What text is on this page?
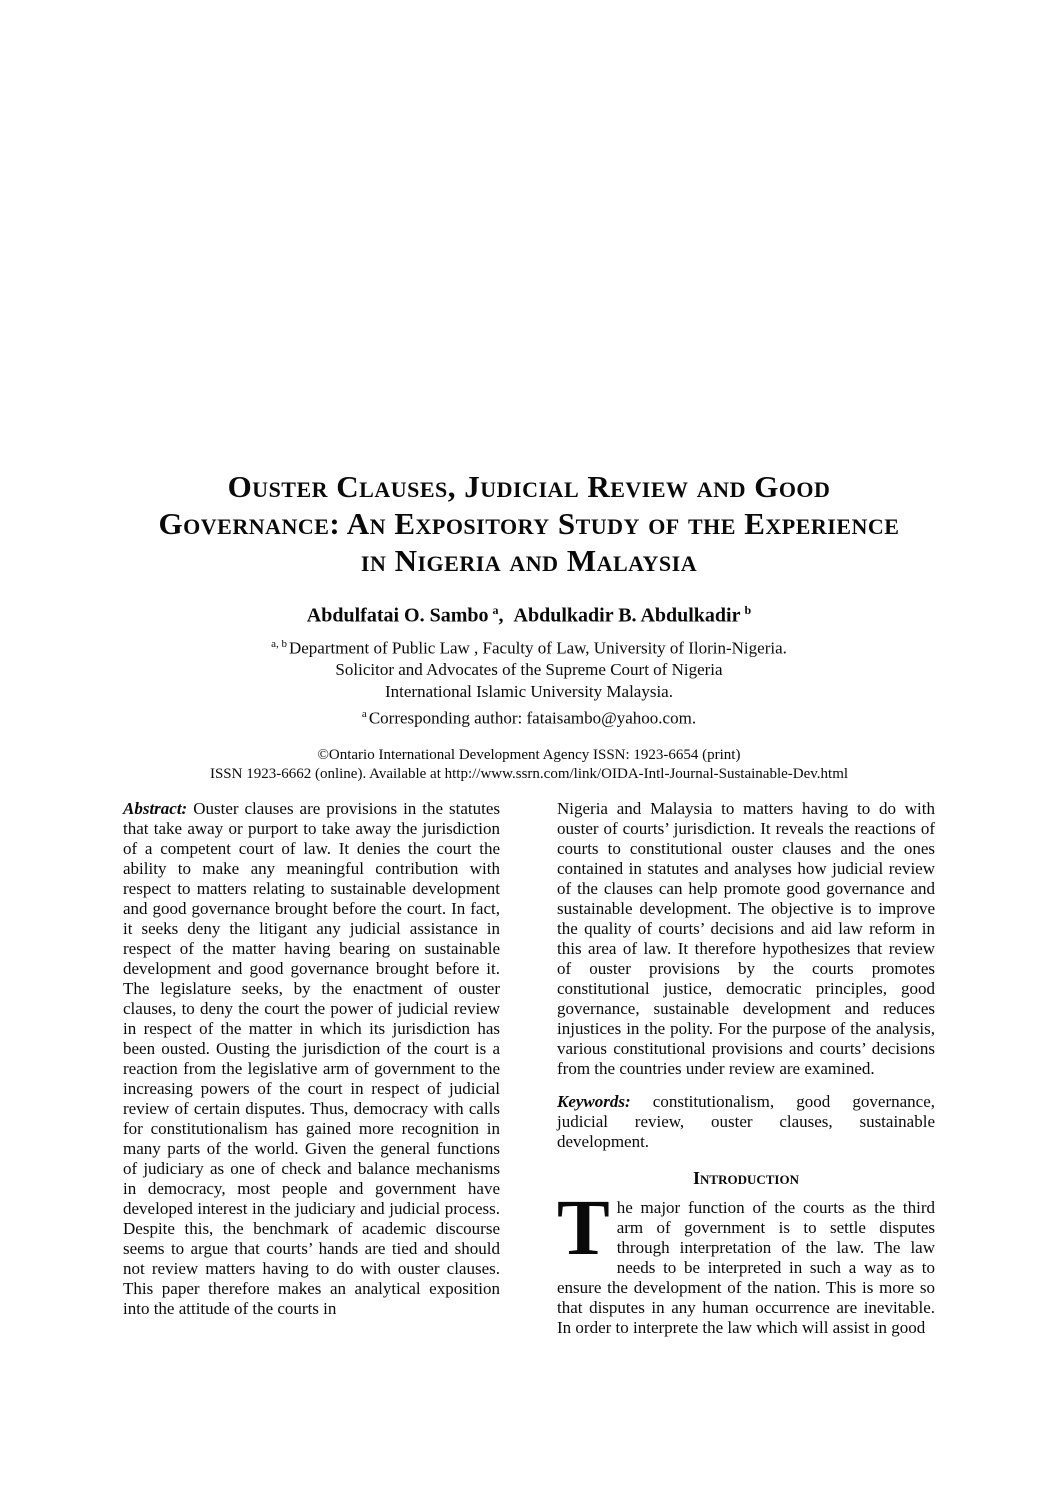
Ouster Clauses, Judicial Review and Good
Governance: An Expository Study of the Experience
in Nigeria and Malaysia
Abdulfatai O. Sambo $^a$, Abdulkadir B. Abdulkadir $^b$
$^{a, b}$ Department of Public Law , Faculty of Law, University of Ilorin-Nigeria.
Solicitor and Advocates of the Supreme Court of Nigeria
International Islamic University Malaysia.
$^a$ Corresponding author: fataisambo@yahoo.com.
©Ontario International Development Agency ISSN: 1923-6654 (print)
ISSN 1923-6662 (online). Available at http://www.ssrn.com/link/OIDA-Intl-Journal-Sustainable-Dev.html

Abstract: Ouster clauses are provisions in the statutes that take away or purport to take away the jurisdiction of a competent court of law. It denies the court the ability to make any meaningful contribution with respect to matters relating to sustainable development and good governance brought before the court. In fact, it seeks deny the litigant any judicial assistance in respect of the matter having bearing on sustainable development and good governance brought before it. The legislature seeks, by the enactment of ouster clauses, to deny the court the power of judicial review in respect of the matter in which its jurisdiction has been ousted. Ousting the jurisdiction of the court is a reaction from the legislative arm of government to the increasing powers of the court in respect of judicial review of certain disputes. Thus, democracy with calls for constitutionalism has gained more recognition in many parts of the world. Given the general functions of judiciary as one of check and balance mechanisms in democracy, most people and government have developed interest in the judiciary and judicial process. Despite this, the benchmark of academic discourse seems to argue that courts’ hands are tied and should not review matters having to do with ouster clauses. This paper therefore makes an analytical exposition into the attitude of the courts in

Nigeria and Malaysia to matters having to do with ouster of courts’ jurisdiction. It reveals the reactions of courts to constitutional ouster clauses and the ones contained in statutes and analyses how judicial review of the clauses can help promote good governance and sustainable development. The objective is to improve the quality of courts’ decisions and aid law reform in this area of law. It therefore hypothesizes that review of ouster provisions by the courts promotes constitutional justice, democratic principles, good governance, sustainable development and reduces injustices in the polity. For the purpose of the analysis, various constitutional provisions and courts’ decisions from the countries under review are examined.

Keywords: constitutionalism, good governance, judicial review, ouster clauses, sustainable development.

Introduction

The major function of the courts as the third arm of government is to settle disputes through interpretation of the law. The law needs to be interpreted in such a way as to ensure the development of the nation. This is more so that disputes in any human occurrence are inevitable. In order to interprete the law which will assist in good
